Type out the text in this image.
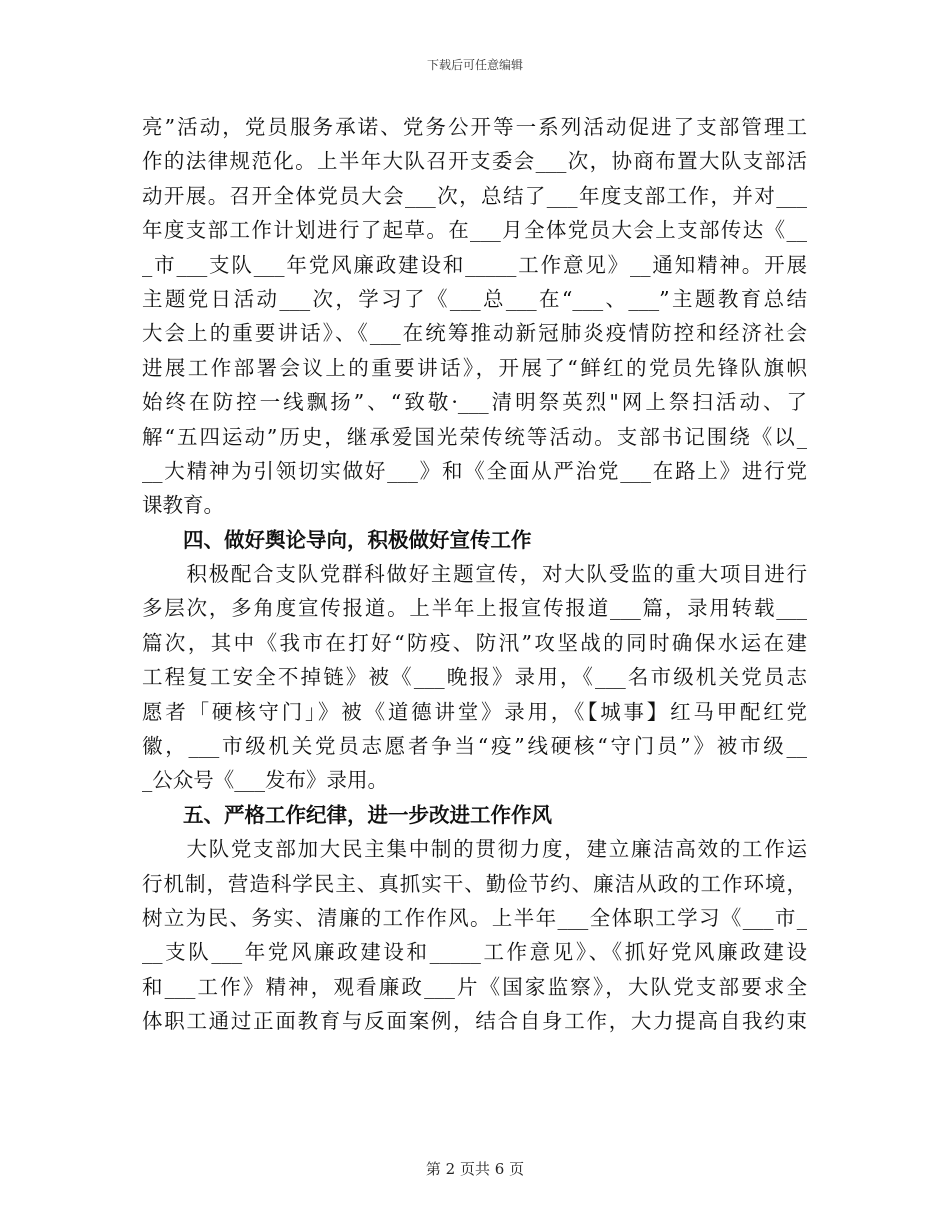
下载后可任意编辑
亮”活动，党员服务承诺、党务公开等一系列活动促进了支部管理工
作的法律规范化。上半年大队召开支委会___次，协商布置大队支部活
动开展。召开全体党员大会___次，总结了___年度支部工作，并对___
年度支部工作计划进行了起草。在___月全体党员大会上支部传达《__
_市___支队___年党风廉政建设和_____工作意见》__通知精神。开展
主题党日活动___次，学习了《___总___在“___、___”主题教育总结
大会上的重要讲话》、《___在统筹推动新冠肺炎疫情防控和经济社会
进展工作部署会议上的重要讲话》，开展了“鲜红的党员先锋队旗帜
始终在防控一线飘扬”、“致敬·___清明祭英烈"网上祭扫活动、了
解“五四运动”历史，继承爱国光荣传统等活动。支部书记围绕《以_
__大精神为引领切实做好___》和《全面从严治党___在路上》进行党
课教育。
　　四、做好舆论导向，积极做好宣传工作
　　积极配合支队党群科做好主题宣传，对大队受监的重大项目进行
多层次，多角度宣传报道。上半年上报宣传报道___篇，录用转载___
篇次，其中《我市在打好“防疫、防汛”攻坚战的同时确保水运在建
工程复工安全不掉链》被《___晚报》录用，《___名市级机关党员志
愿者「硬核守门」》被《道德讲堂》录用，《【城事】红马甲配红党
徽，___市级机关党员志愿者争当“疫”线硬核“守门员”》被市级__
_公众号《___发布》录用。
　　五、严格工作纪律，进一步改进工作作风
　　大队党支部加大民主集中制的贯彻力度，建立廉洁高效的工作运
行机制，营造科学民主、真抓实干、勤俭节约、廉洁从政的工作环境，
树立为民、务实、清廉的工作作风。上半年___全体职工学习《___市_
__支队___年党风廉政建设和_____工作意见》、《抓好党风廉政建设
和___工作》精神，观看廉政___片《国家监察》，大队党支部要求全
体职工通过正面教育与反面案例，结合自身工作，大力提高自我约束
第 2 页共 6 页
